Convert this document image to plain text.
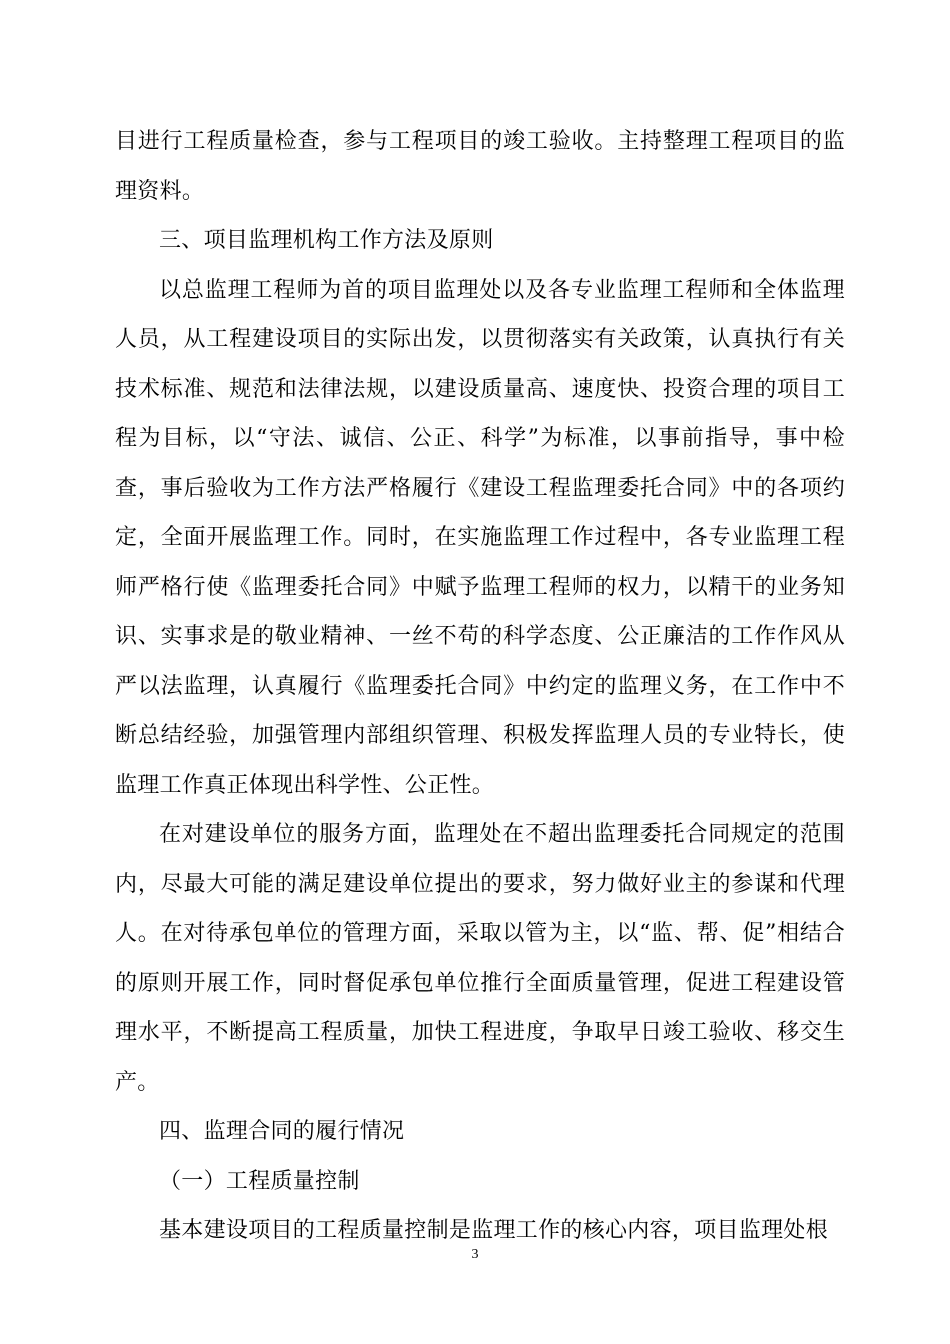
目进行工程质量检查，参与工程项目的竣工验收。主持整理工程项目的监理资料。

三、项目监理机构工作方法及原则

以总监理工程师为首的项目监理处以及各专业监理工程师和全体监理人员，从工程建设项目的实际出发，以贯彻落实有关政策，认真执行有关技术标准、规范和法律法规，以建设质量高、速度快、投资合理的项目工程为目标，以“守法、诚信、公正、科学”为标准，以事前指导，事中检查，事后验收为工作方法严格履行《建设工程监理委托合同》中的各项约定，全面开展监理工作。同时，在实施监理工作过程中，各专业监理工程师严格行使《监理委托合同》中赋予监理工程师的权力，以精干的业务知识、实事求是的敬业精神、一丝不苟的科学态度、公正廉洁的工作作风从严以法监理，认真履行《监理委托合同》中约定的监理义务，在工作中不断总结经验，加强管理内部组织管理、积极发挥监理人员的专业特长，使监理工作真正体现出科学性、公正性。

在对建设单位的服务方面，监理处在不超出监理委托合同规定的范围内，尽最大可能的满足建设单位提出的要求，努力做好业主的参谋和代理人。在对待承包单位的管理方面，采取以管为主，以“监、帮、促”相结合的原则开展工作，同时督促承包单位推行全面质量管理，促进工程建设管理水平，不断提高工程质量，加快工程进度，争取早日竣工验收、移交生产。

四、监理合同的履行情况

（一）工程质量控制

基本建设项目的工程质量控制是监理工作的核心内容，项目监理处根

3
